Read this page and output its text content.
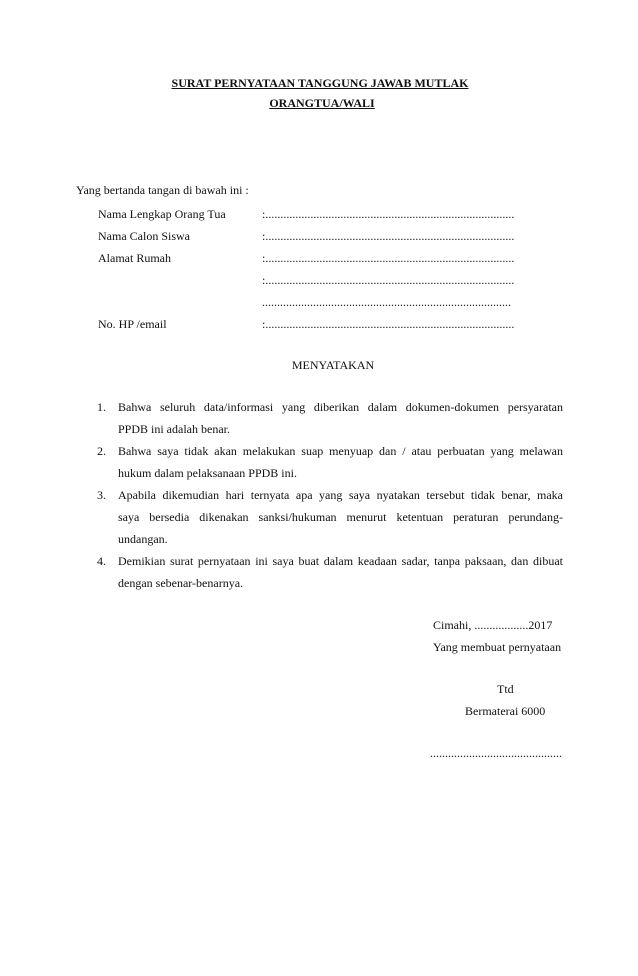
SURAT PERNYATAAN TANGGUNG JAWAB MUTLAK
ORANGTUA/WALI
Yang bertanda tangan di bawah ini :
Nama Lengkap Orang Tua	:...................................................................................
Nama Calon Siswa	:...................................................................................
Alamat Rumah	:...................................................................................
:...................................................................................
...................................................................................
No. HP /email	:...................................................................................
MENYATAKAN
1. Bahwa seluruh data/informasi yang diberikan dalam dokumen-dokumen persyaratan
PPDB ini adalah benar.
2. Bahwa saya tidak akan melakukan suap menyuap dan / atau perbuatan yang melawan
hukum dalam pelaksanaan PPDB ini.
3. Apabila dikemudian hari ternyata apa yang saya nyatakan tersebut tidak benar, maka
saya bersedia dikenakan sanksi/hukuman menurut ketentuan peraturan perundang-
undangan.
4. Demikian surat pernyataan ini saya buat dalam keadaan sadar, tanpa paksaan, dan dibuat
dengan sebenar-benarnya.
Cimahi, ..................2017
Yang membuat pernyataan
Ttd
Bermaterai 6000
............................................
